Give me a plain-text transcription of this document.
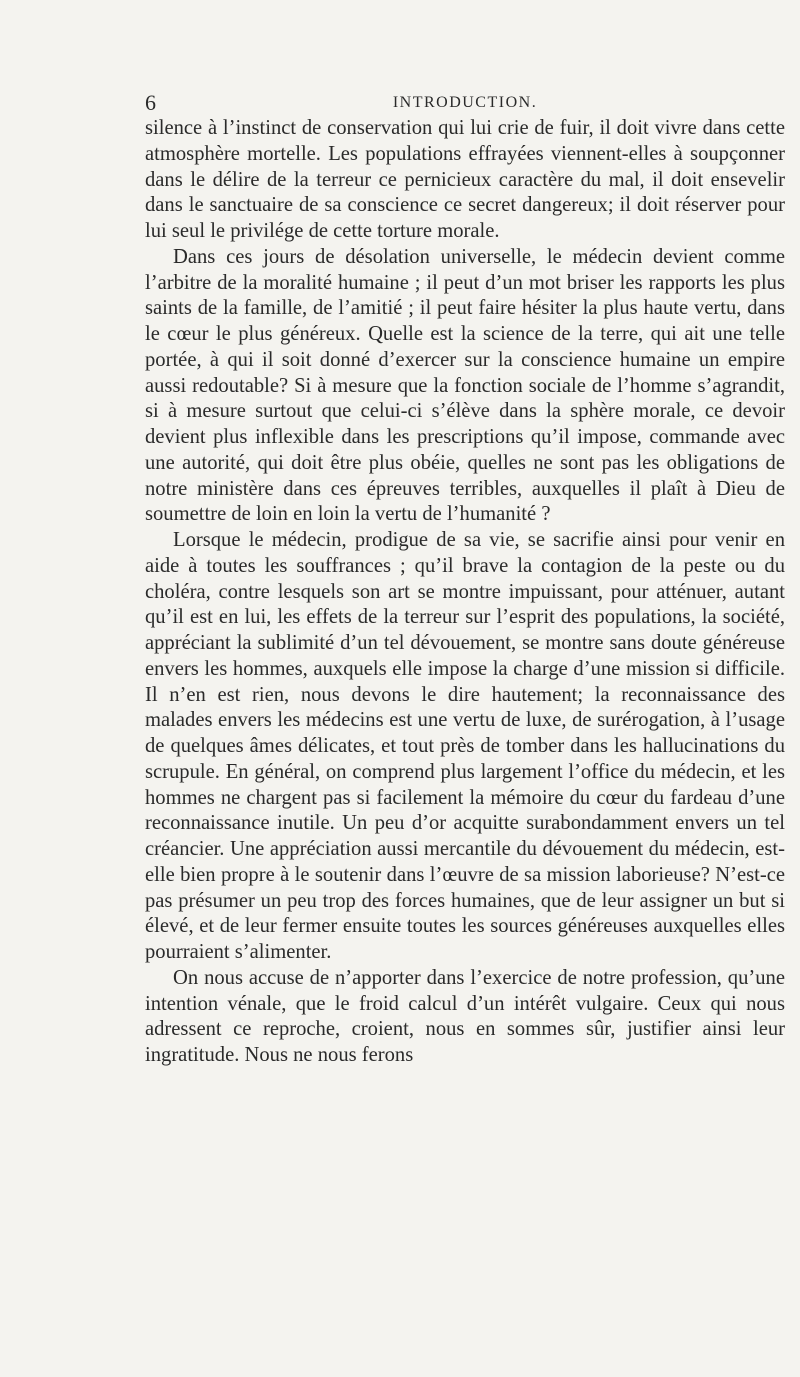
6	INTRODUCTION.

silence à l’instinct de conservation qui lui crie de fuir, il doit vivre dans cette atmosphère mortelle. Les populations effrayées viennent-elles à soupçonner dans le délire de la terreur ce pernicieux caractère du mal, il doit ensevelir dans le sanctuaire de sa conscience ce secret dangereux; il doit réserver pour lui seul le privilége de cette torture morale.

Dans ces jours de désolation universelle, le médecin devient comme l’arbitre de la moralité humaine ; il peut d’un mot briser les rapports les plus saints de la famille, de l’amitié ; il peut faire hésiter la plus haute vertu, dans le cœur le plus généreux. Quelle est la science de la terre, qui ait une telle portée, à qui il soit donné d’exercer sur la conscience humaine un empire aussi redoutable? Si à mesure que la fonction sociale de l’homme s’agrandit, si à mesure surtout que celui-ci s’élève dans la sphère morale, ce devoir devient plus inflexible dans les prescriptions qu’il impose, commande avec une autorité, qui doit être plus obéie, quelles ne sont pas les obligations de notre ministère dans ces épreuves terribles, auxquelles il plaît à Dieu de soumettre de loin en loin la vertu de l’humanité ?

Lorsque le médecin, prodigue de sa vie, se sacrifie ainsi pour venir en aide à toutes les souffrances ; qu’il brave la contagion de la peste ou du choléra, contre lesquels son art se montre impuissant, pour atténuer, autant qu’il est en lui, les effets de la terreur sur l’esprit des populations, la société, appréciant la sublimité d’un tel dévouement, se montre sans doute généreuse envers les hommes, auxquels elle impose la charge d’une mission si difficile. Il n’en est rien, nous devons le dire hautement; la reconnaissance des malades envers les médecins est une vertu de luxe, de surérogation, à l’usage de quelques âmes délicates, et tout près de tomber dans les hallucinations du scrupule. En général, on comprend plus largement l’office du médecin, et les hommes ne chargent pas si facilement la mémoire du cœur du fardeau d’une reconnaissance inutile. Un peu d’or acquitte surabondamment envers un tel créancier. Une appréciation aussi mercantile du dévouement du médecin, est-elle bien propre à le soutenir dans l’œuvre de sa mission laborieuse? N’est-ce pas présumer un peu trop des forces humaines, que de leur assigner un but si élevé, et de leur fermer ensuite toutes les sources généreuses auxquelles elles pourraient s’alimenter.

On nous accuse de n’apporter dans l’exercice de notre profession, qu’une intention vénale, que le froid calcul d’un intérêt vulgaire. Ceux qui nous adressent ce reproche, croient, nous en sommes sûr, justifier ainsi leur ingratitude. Nous ne nous ferons
